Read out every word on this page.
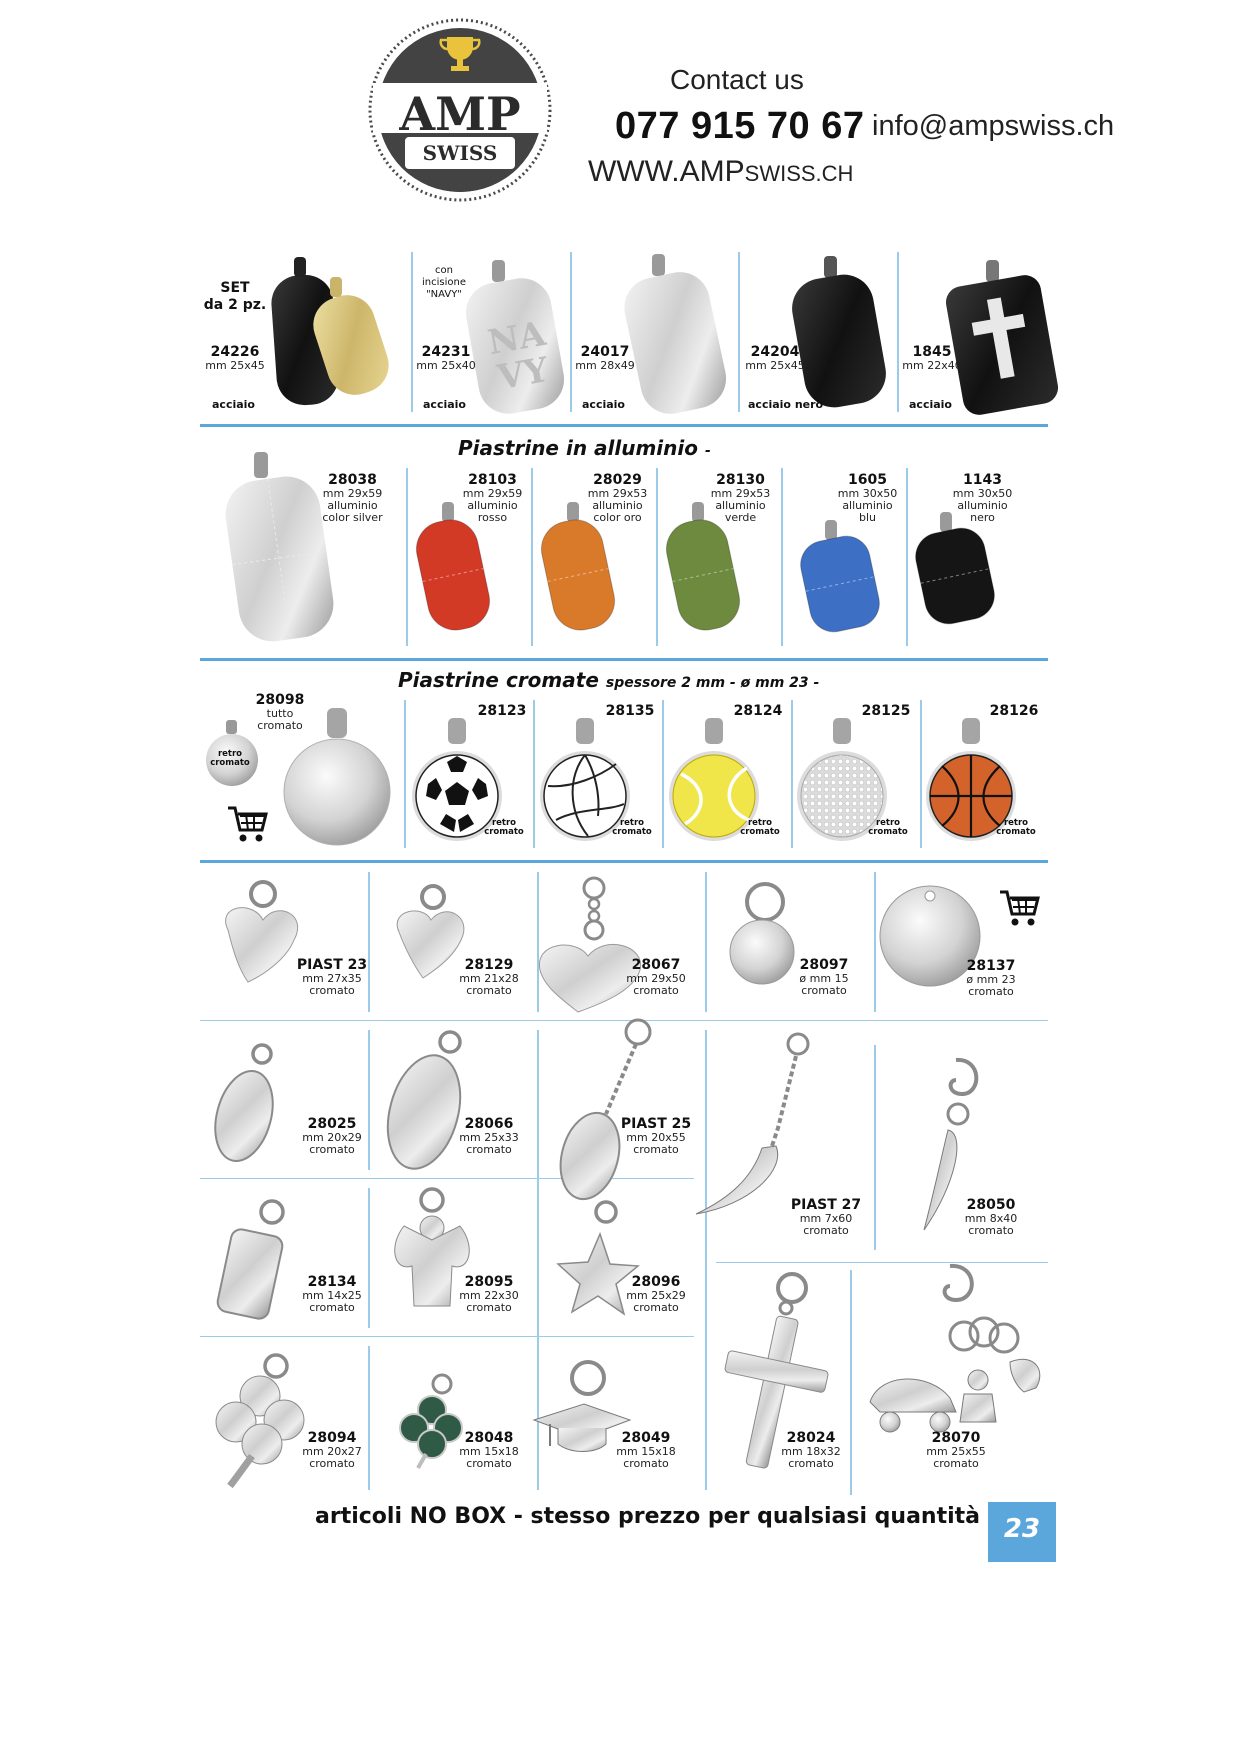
AMP
SWISS
Contact us
077 915 70 67 info@ampswiss.ch
WWW.AMPSWISS.CH
SET
da 2 pz.
con
incisione
"NAVY"
24226
mm 25x45
acciaio
NA
VY
24231
mm 25x40
acciaio
24017
mm 28x49
acciaio
24204
mm 25x45
acciaio nero
1845
mm 22x40
acciaio
Piastrine in alluminio -
28038
mm 29x59
alluminio
color silver
28103
mm 29x59
alluminio
rosso
28029
mm 29x53
alluminio
color oro
28130
mm 29x53
alluminio
verde
1605
mm 30x50
alluminio
blu
1143
mm 30x50
alluminio
nero
Piastrine cromate spessore 2 mm - ø mm 23 -
28098
tutto
cromato
retro
cromato
28123
retro
cromato
28135
retro
cromato
28124
retro
cromato
28125
retro
cromato
28126
retro
cromato
PIAST 23
mm 27x35
cromato
28129
mm 21x28
cromato
28067
mm 29x50
cromato
28097
ø mm 15
cromato
28137
ø mm 23
cromato
28025
mm 20x29
cromato
28066
mm 25x33
cromato
PIAST 25
mm 20x55
cromato
PIAST 27
mm 7x60
cromato
28050
mm 8x40
cromato
28134
mm 14x25
cromato
28095
mm 22x30
cromato
28096
mm 25x29
cromato
28094
mm 20x27
cromato
28048
mm 15x18
cromato
28049
mm 15x18
cromato
28024
mm 18x32
cromato
28070
mm 25x55
cromato
articoli NO BOX - stesso prezzo per qualsiasi quantità 23
